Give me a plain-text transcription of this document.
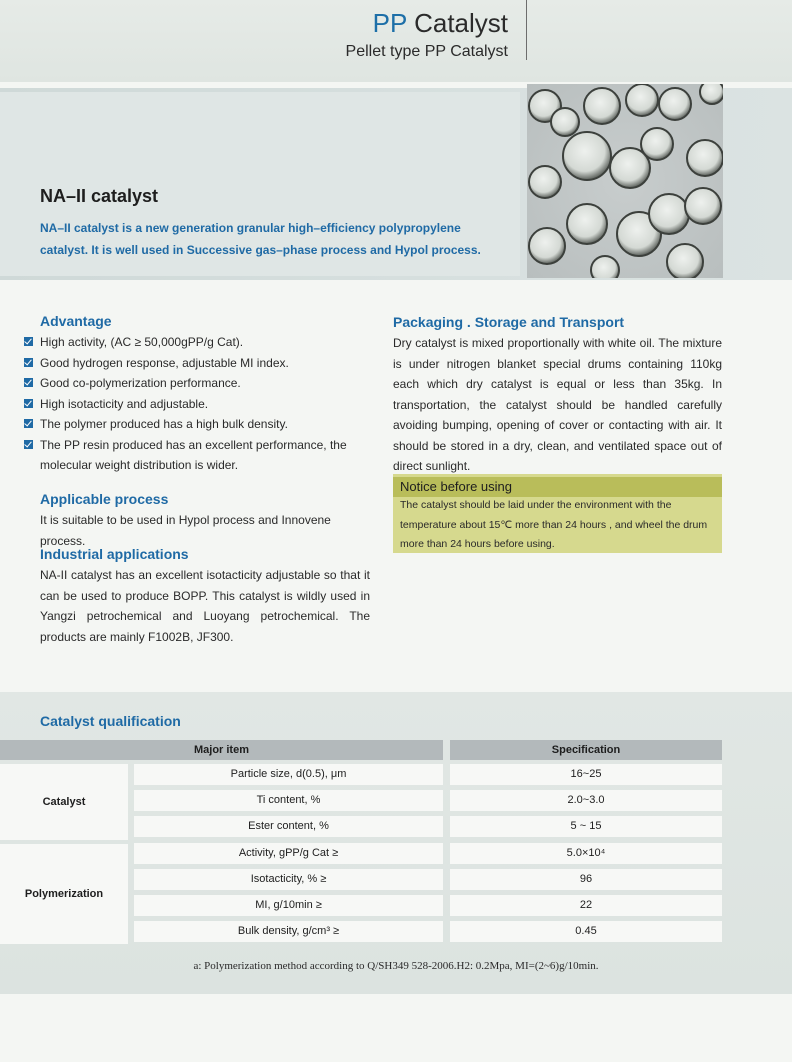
PP Catalyst
Pellet type PP Catalyst
NA–II catalyst
NA–II catalyst is a new generation granular high–efficiency polypropylene catalyst. It is well used in Successive gas–phase process and Hypol process.
Advantage
High activity, (AC ≥ 50,000gPP/g Cat).
Good hydrogen response, adjustable MI index.
Good co-polymerization performance.
High isotacticity and adjustable.
The polymer produced has a high bulk density.
The PP resin produced has an excellent performance, the molecular weight distribution is wider.
Applicable process
It is suitable to be used in Hypol process and Innovene process.
Industrial applications
NA-II catalyst has an excellent isotacticity adjustable so that it can be used to produce BOPP. This catalyst is wildly used in Yangzi petrochemical and Luoyang petrochemical. The products are mainly F1002B, JF300.
Packaging . Storage and Transport
Dry catalyst is mixed proportionally with white oil. The mixture is under nitrogen blanket special drums containing 110kg each which dry catalyst is equal or less than 35kg. In transportation, the catalyst should be handled carefully avoiding bumping, opening of cover or contacting with air. It should be stored in a dry, clean, and ventilated space out of direct sunlight.
Notice before using
The catalyst should be laid under the environment with the temperature about 15℃ more than 24 hours , and wheel the drum more than 24 hours before using.
Catalyst qualification
Major item	Specification
Catalyst
Particle size, d(0.5), μm	16~25
Ti content, %	2.0~3.0
Ester content, %	5 ~ 15
Polymerization
Activity, gPP/g Cat ≥	5.0×10⁴
Isotacticity, % ≥	96
MI, g/10min ≥	22
Bulk density, g/cm³ ≥	0.45
a: Polymerization method according to Q/SH349 528-2006.H2: 0.2Mpa, MI=(2~6)g/10min.
